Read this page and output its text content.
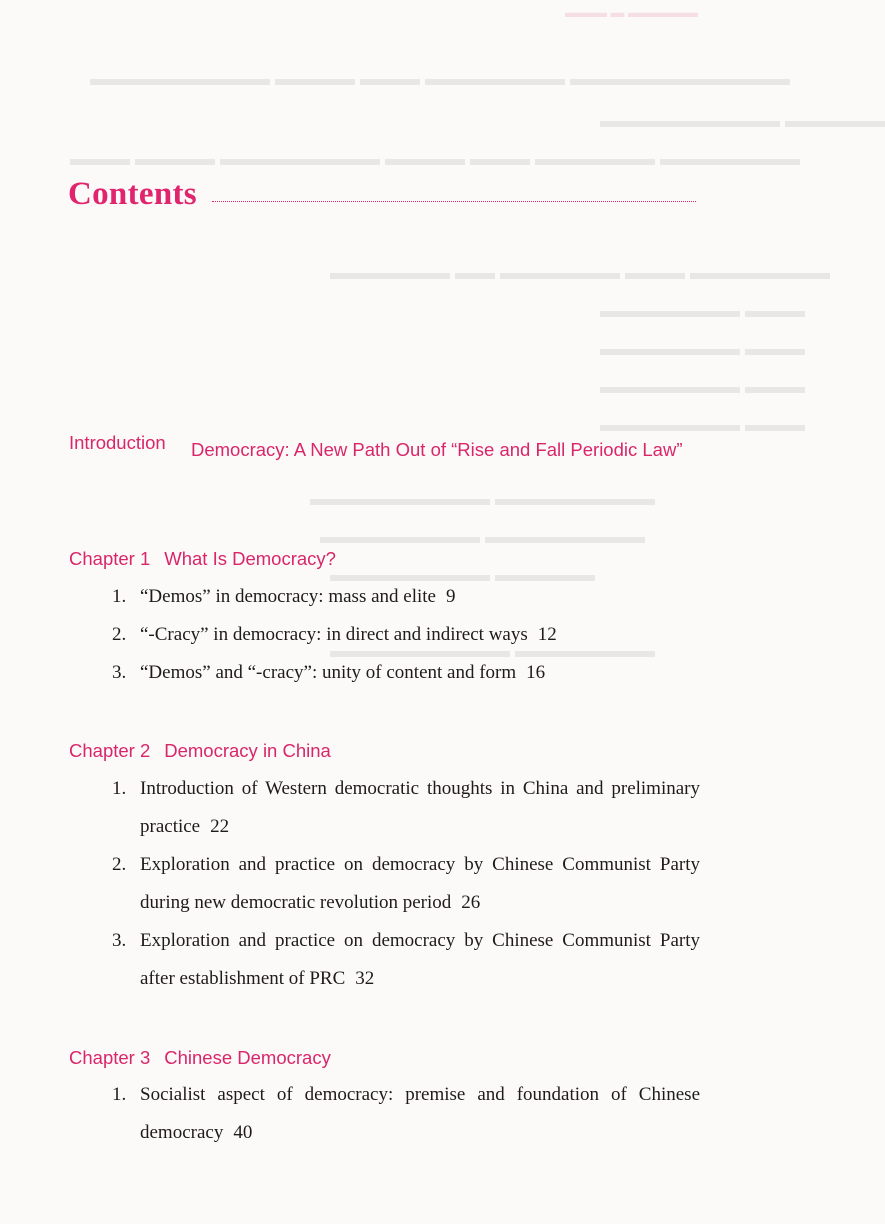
▬▬▬ ▬ ▬▬▬▬▬
▬▬▬▬▬▬▬▬▬ ▬▬▬▬ ▬▬▬ ▬▬▬▬▬▬▬ ▬▬▬▬▬▬▬▬▬▬▬
▬▬▬▬▬▬▬▬▬ ▬▬▬▬▬
▬▬▬ ▬▬▬▬ ▬▬▬▬▬▬▬▬ ▬▬▬▬ ▬▬▬ ▬▬▬▬▬▬ ▬▬▬▬▬▬▬
▬▬▬▬▬▬ ▬▬ ▬▬▬▬▬▬ ▬▬▬ ▬▬▬▬▬▬▬
▬▬▬▬▬▬▬ ▬▬▬
▬▬▬▬▬▬▬ ▬▬▬
▬▬▬▬▬▬▬ ▬▬▬
▬▬▬▬▬▬▬ ▬▬▬
▬▬▬▬▬▬▬▬▬ ▬▬▬▬▬▬▬▬
▬▬▬▬▬▬▬▬ ▬▬▬▬▬▬▬▬
▬▬▬▬▬▬▬▬ ▬▬▬▬▬
▬▬▬▬▬▬▬▬▬ ▬▬▬▬▬▬▬
Contents
Introduction Democracy: A New Path Out of “Rise and Fall Periodic Law”
Chapter 1 What Is Democracy?
1. “Demos” in democracy: mass and elite 9
2. “-Cracy” in democracy: in direct and indirect ways 12
3. “Demos” and “-cracy”: unity of content and form 16
Chapter 2 Democracy in China
1. Introduction of Western democratic thoughts in China and preliminary practice 22
2. Exploration and practice on democracy by Chinese Communist Party during new democratic revolution period 26
3. Exploration and practice on democracy by Chinese Communist Party after establishment of PRC 32
Chapter 3 Chinese Democracy
1. Socialist aspect of democracy: premise and foundation of Chinese democracy 40
